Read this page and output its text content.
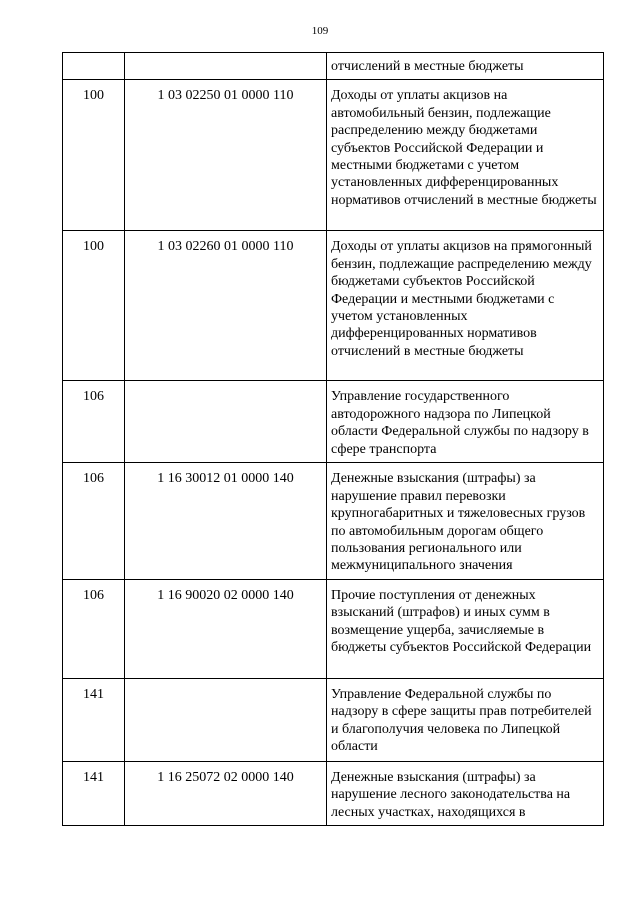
109
		отчислений в местные бюджеты
100	1 03 02250 01 0000 110	Доходы от уплаты акцизов на автомобильный бензин, подлежащие распределению между бюджетами субъектов Российской Федерации и местными бюджетами с учетом установленных дифференцированных нормативов отчислений в местные бюджеты
100	1 03 02260 01 0000 110	Доходы от уплаты акцизов на прямогонный бензин, подлежащие распределению между бюджетами субъектов Российской Федерации и местными бюджетами с учетом установленных дифференцированных нормативов отчислений в местные бюджеты
106		Управление государственного автодорожного надзора по Липецкой области Федеральной службы по надзору в сфере транспорта
106	1 16 30012 01 0000 140	Денежные взыскания (штрафы) за нарушение правил перевозки крупногабаритных и тяжеловесных грузов по автомобильным дорогам общего пользования регионального или межмуниципального значения
106	1 16 90020 02 0000 140	Прочие поступления от денежных взысканий (штрафов) и иных сумм в возмещение ущерба, зачисляемые в бюджеты субъектов Российской Федерации
141		Управление Федеральной службы по надзору в сфере защиты прав потребителей и благополучия человека по Липецкой области
141	1 16 25072 02 0000 140	Денежные взыскания (штрафы) за нарушение лесного законодательства на лесных участках, находящихся в
